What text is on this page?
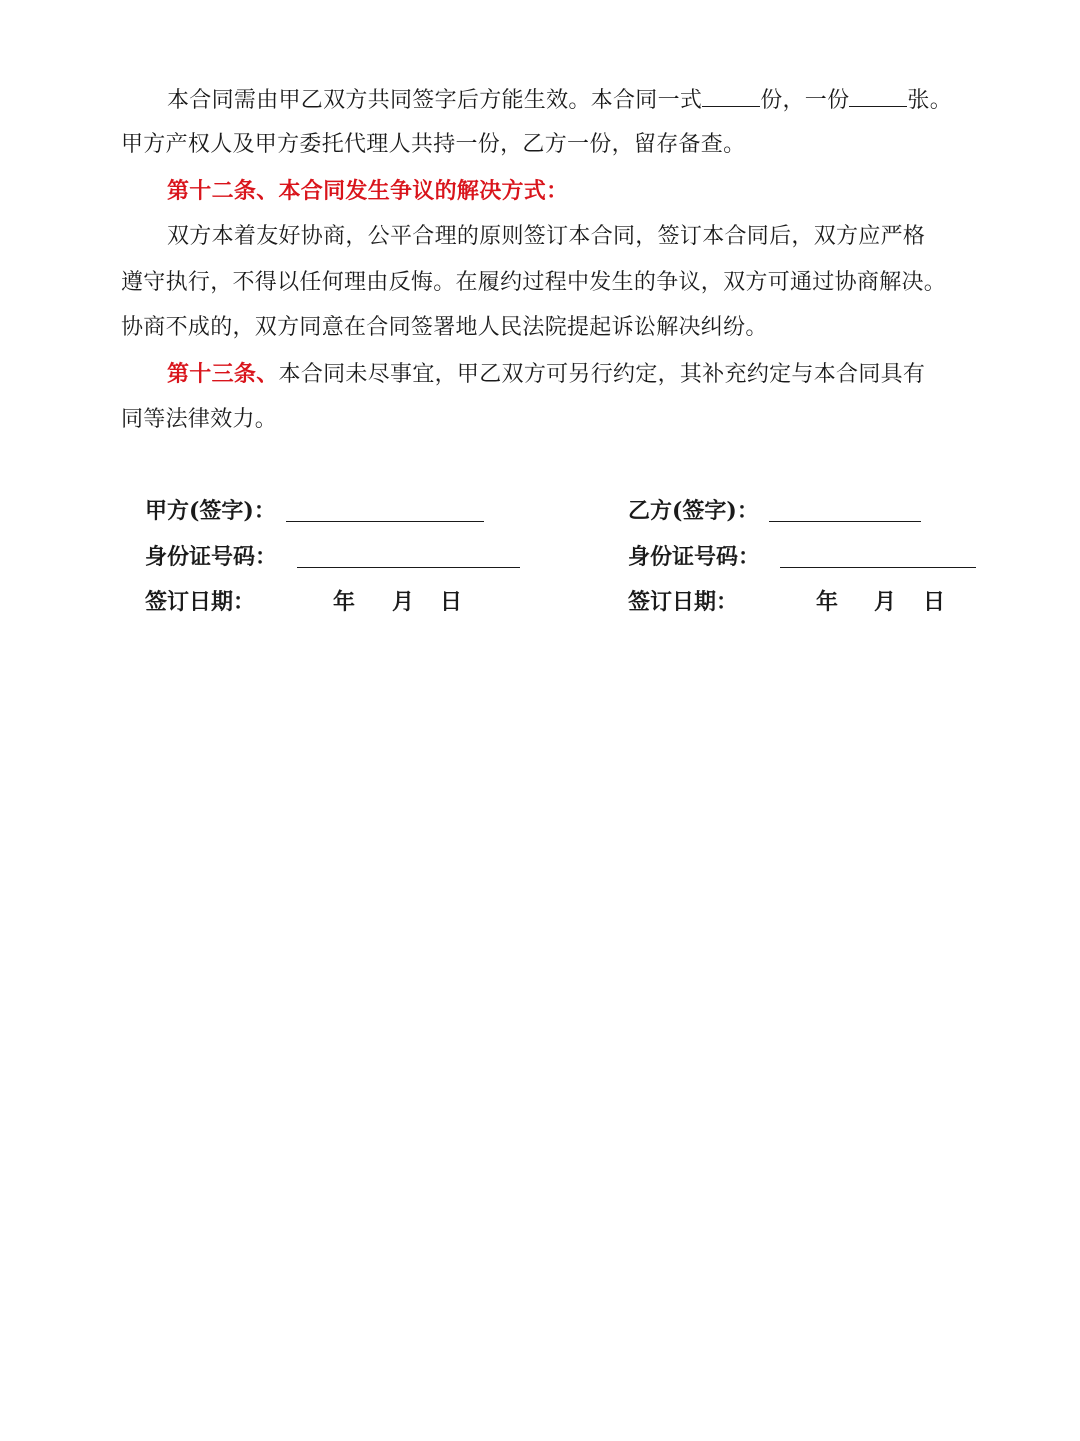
本合同需由甲乙双方共同签字后方能生效。本合同一式	份，一份	张。
甲方产权人及甲方委托代理人共持一份，乙方一份，留存备查。
第十二条、本合同发生争议的解决方式：
双方本着友好协商，公平合理的原则签订本合同，签订本合同后，双方应严格
遵守执行，不得以任何理由反悔。在履约过程中发生的争议，双方可通过协商解决。
协商不成的，双方同意在合同签署地人民法院提起诉讼解决纠纷。
第十三条、本合同未尽事宜，甲乙双方可另行约定，其补充约定与本合同具有
同等法律效力。
甲方(签字)：
身份证号码：
签订日期：	年 月 日
乙方(签字)：
身份证号码：
签订日期：	年 月 日
